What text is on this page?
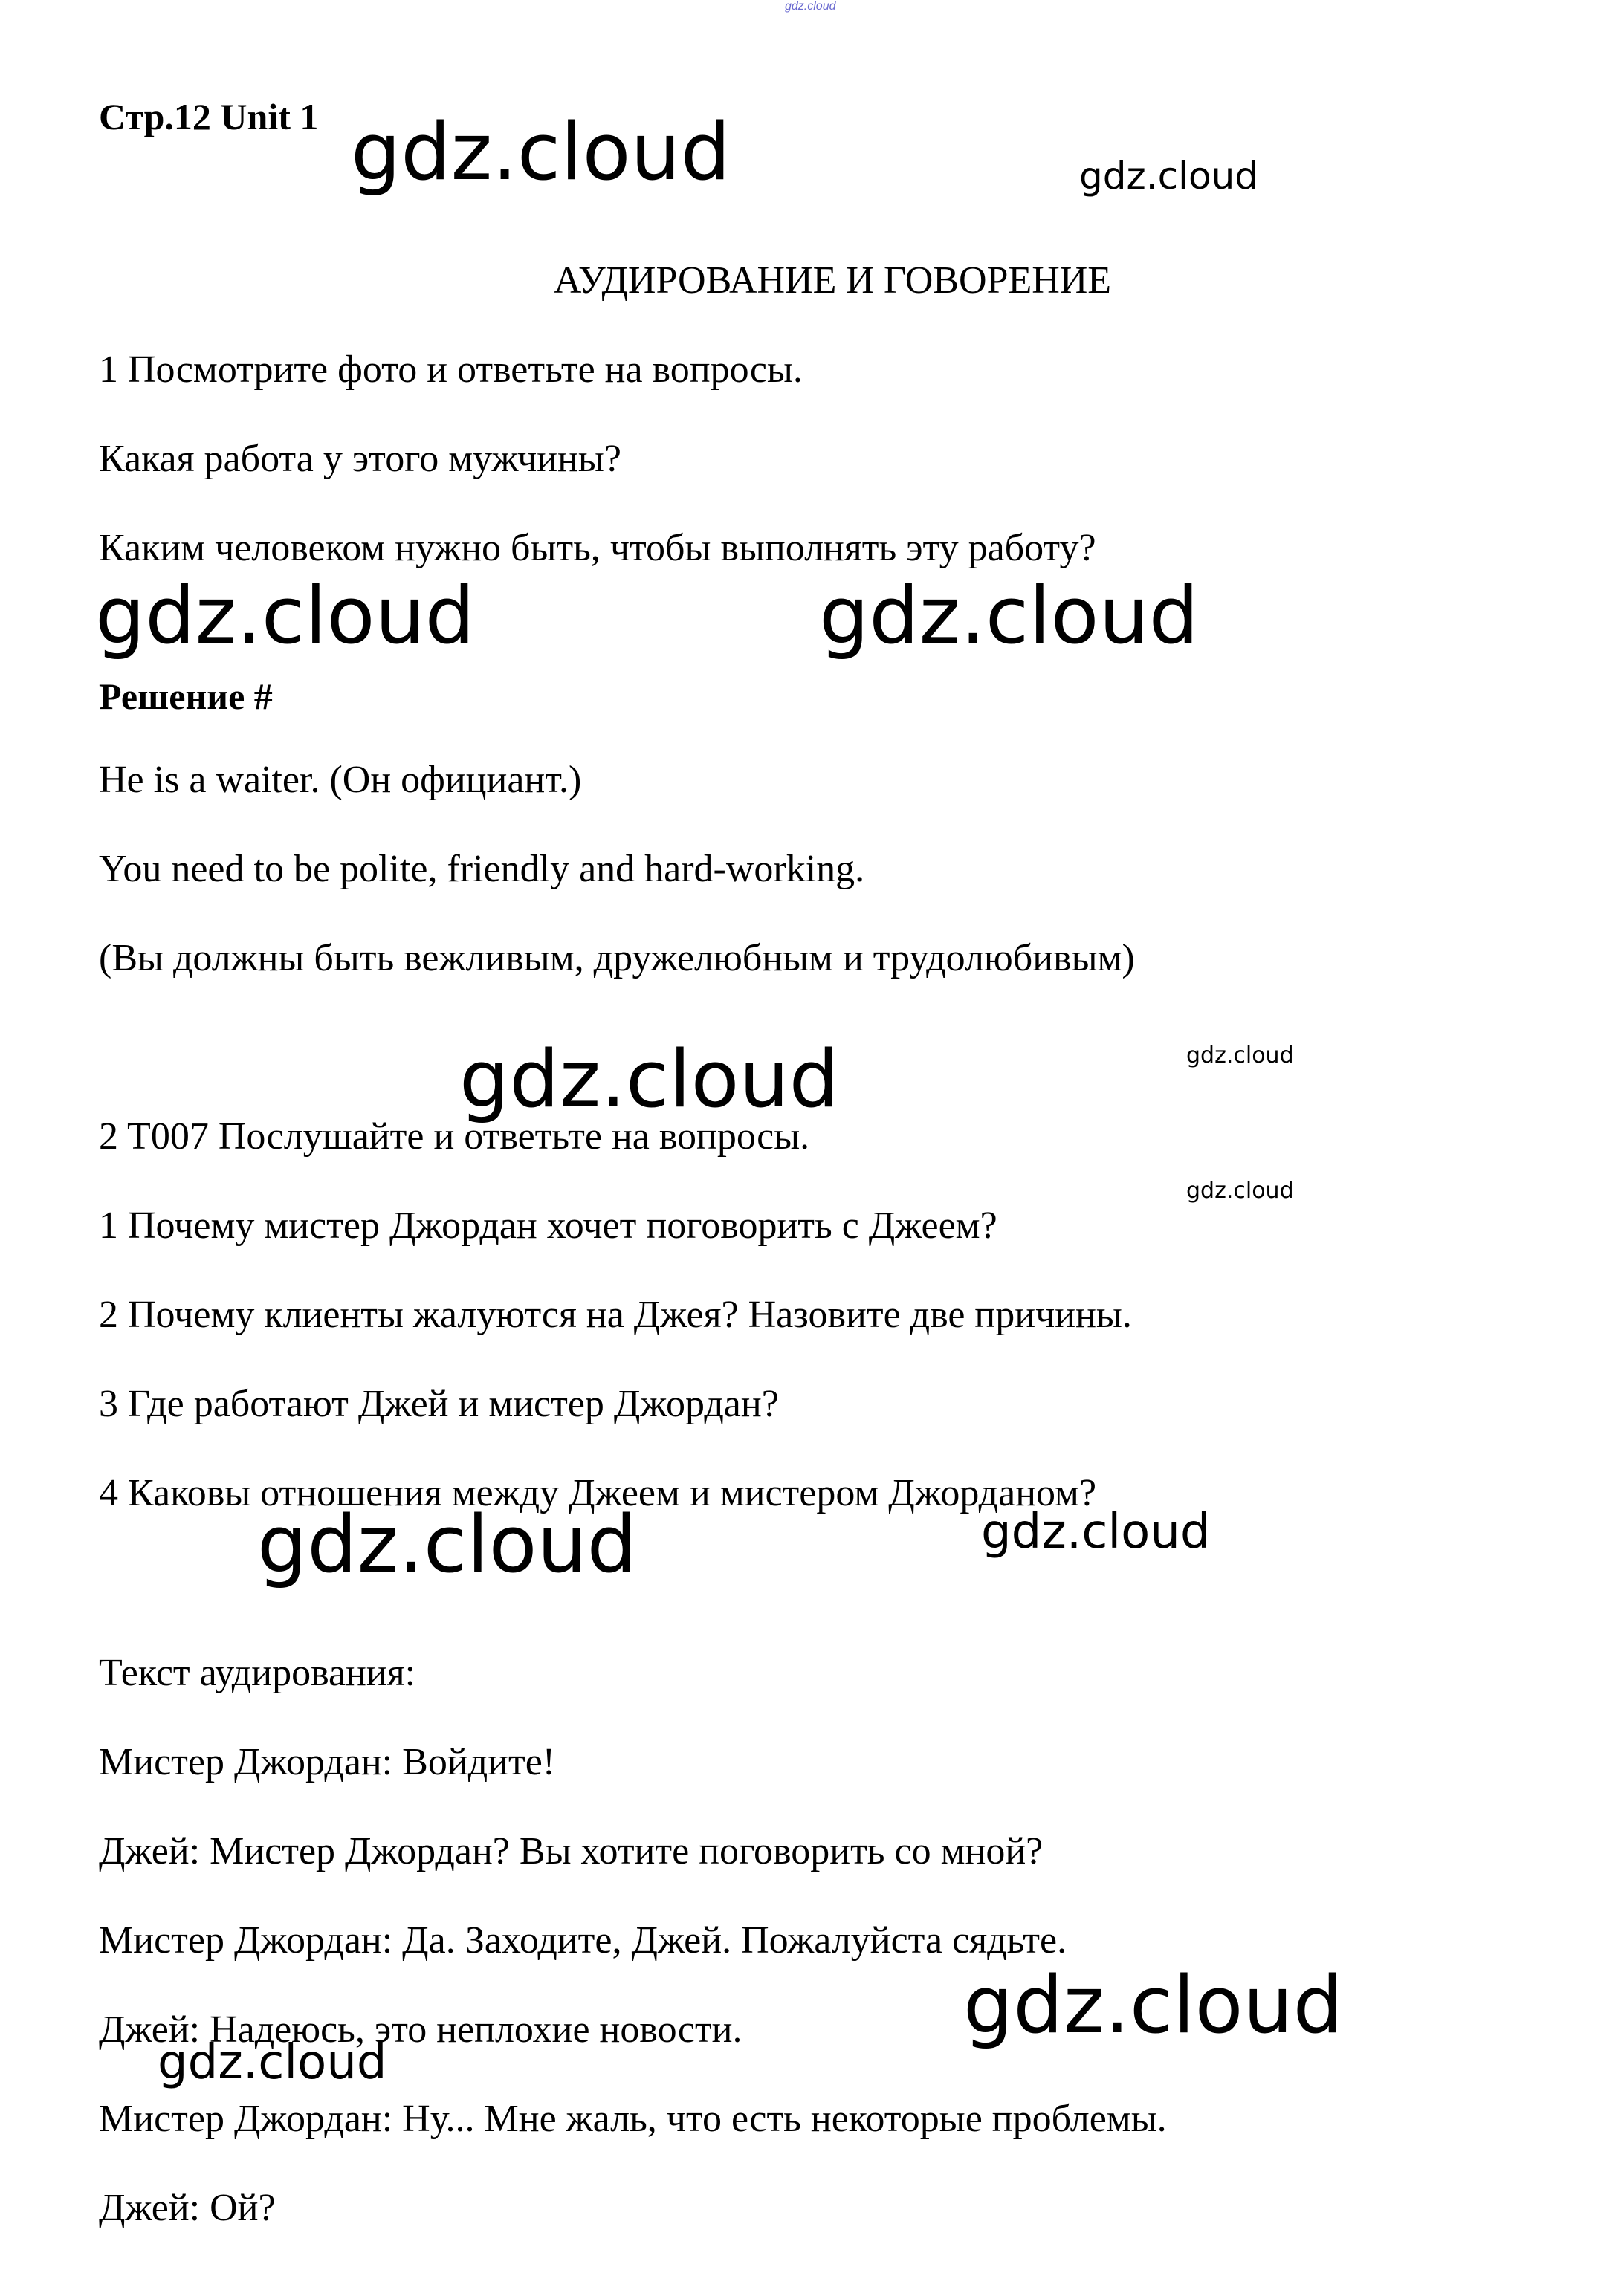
gdz.cloud
Стр.12 Unit 1
АУДИРОВАНИЕ И ГОВОРЕНИЕ
1 Посмотрите фото и ответьте на вопросы.
Какая работа у этого мужчины?
Каким человеком нужно быть, чтобы выполнять эту работу?
Решение #
He is a waiter. (Он официант.)
You need to be polite, friendly and hard-working.
(Вы должны быть вежливым, дружелюбным и трудолюбивым)
2 T007 Послушайте и ответьте на вопросы.
1 Почему мистер Джордан хочет поговорить с Джеем?
2 Почему клиенты жалуются на Джея? Назовите две причины.
3 Где работают Джей и мистер Джордан?
4 Каковы отношения между Джеем и мистером Джорданом?
Текст аудирования:
Мистер Джордан: Войдите!
Джей: Мистер Джордан? Вы хотите поговорить со мной?
Мистер Джордан: Да. Заходите, Джей. Пожалуйста сядьте.
Джей: Надеюсь, это неплохие новости.
Мистер Джордан: Ну... Мне жаль, что есть некоторые проблемы.
Джей: Ой?
gdz.cloud	gdz.cloud
gdz.cloud	gdz.cloud
gdz.cloud	gdz.cloud
gdz.cloud
gdz.cloud	gdz.cloud
gdz.cloud
gdz.cloud
